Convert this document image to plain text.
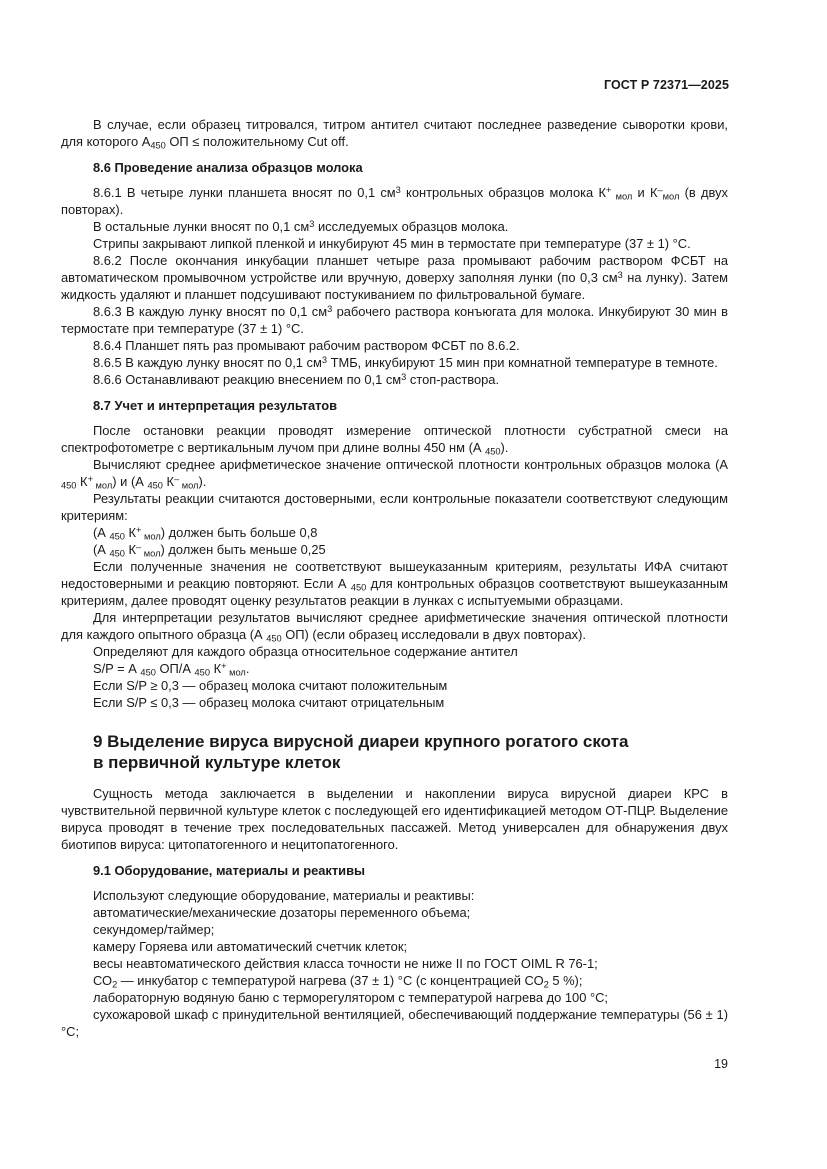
ГОСТ Р 72371—2025

В случае, если образец титровался, титром антител считают последнее разведение сыворотки крови, для которого $А_{450}$ ОП ≤ положительному Cut off.

8.6 Проведение анализа образцов молока

8.6.1 В четыре лунки планшета вносят по 0,1 $см^3$ контрольных образцов молока К+ $_{мол}$ и $К^-_{мол}$ (в двух повторах).

В остальные лунки вносят по 0,1 $см^3$ исследуемых образцов молока.

Стрипы закрывают липкой пленкой и инкубируют 45 мин в термостате при температуре (37 ± 1) °С.

8.6.2 После окончания инкубации планшет четыре раза промывают рабочим раствором ФСБТ на автоматическом промывочном устройстве или вручную, доверху заполняя лунки (по 0,3 $см^3$ на лунку). Затем жидкость удаляют и планшет подсушивают постукиванием по фильтровальной бумаге.

8.6.3 В каждую лунку вносят по 0,1 $см^3$ рабочего раствора конъюгата для молока. Инкубируют 30 мин в термостате при температуре (37 ± 1) °С.

8.6.4 Планшет пять раз промывают рабочим раствором ФСБТ по 8.6.2.

8.6.5 В каждую лунку вносят по 0,1 $см^3$ ТМБ, инкубируют 15 мин при комнатной температуре в темноте.

8.6.6 Останавливают реакцию внесением по 0,1 $см^3$ стоп-раствора.

8.7 Учет и интерпретация результатов

После остановки реакции проводят измерение оптической плотности субстратной смеси на спектрофотометре с вертикальным лучом при длине волны 450 нм (А $_{450}$).

Вычисляют среднее арифметическое значение оптической плотности контрольных образцов молока (А $_{450}$ К+ $_{мол}$) и (А $_{450}$ К– $_{мол}$).

Результаты реакции считаются достоверными, если контрольные показатели соответствуют следующим критериям:

(А $_{450}$ К+ $_{мол}$) должен быть больше 0,8

(А $_{450}$ К– $_{мол}$) должен быть меньше 0,25

Если полученные значения не соответствуют вышеуказанным критериям, результаты ИФА считают недостоверными и реакцию повторяют. Если А $_{450}$ для контрольных образцов соответствуют вышеуказанным критериям, далее проводят оценку результатов реакции в лунках с испытуемыми образцами.

Для интерпретации результатов вычисляют среднее арифметические значения оптической плотности для каждого опытного образца (А $_{450}$ ОП) (если образец исследовали в двух повторах).

Определяют для каждого образца относительное содержание антител

S/P = А $_{450}$ ОП/А $_{450}$ К+ $_{мол}$.

Если S/P ≥ 0,3 — образец молока считают положительным

Если S/P ≤ 0,3 — образец молока считают отрицательным

9 Выделение вируса вирусной диареи крупного рогатого скота

в первичной культуре клеток

Сущность метода заключается в выделении и накоплении вируса вирусной диареи КРС в чувствительной первичной культуре клеток с последующей его идентификацией методом ОТ-ПЦР. Выделение вируса проводят в течение трех последовательных пассажей. Метод универсален для обнаружения двух биотипов вируса: цитопатогенного и нецитопатогенного.

9.1 Оборудование, материалы и реактивы

Используют следующие оборудование, материалы и реактивы:

автоматические/механические дозаторы переменного объема;

секундомер/таймер;

камеру Горяева или автоматический счетчик клеток;

весы неавтоматического действия класса точности не ниже II по ГОСТ OIML R 76-1;

$СО_2$ — инкубатор с температурой нагрева (37 ± 1) °С (с концентрацией $СО_2$ 5 %);

лабораторную водяную баню с терморегулятором с температурой нагрева до 100 °С;

сухожаровой шкаф с принудительной вентиляцией, обеспечивающий поддержание температуры (56 ± 1) °С;

19
